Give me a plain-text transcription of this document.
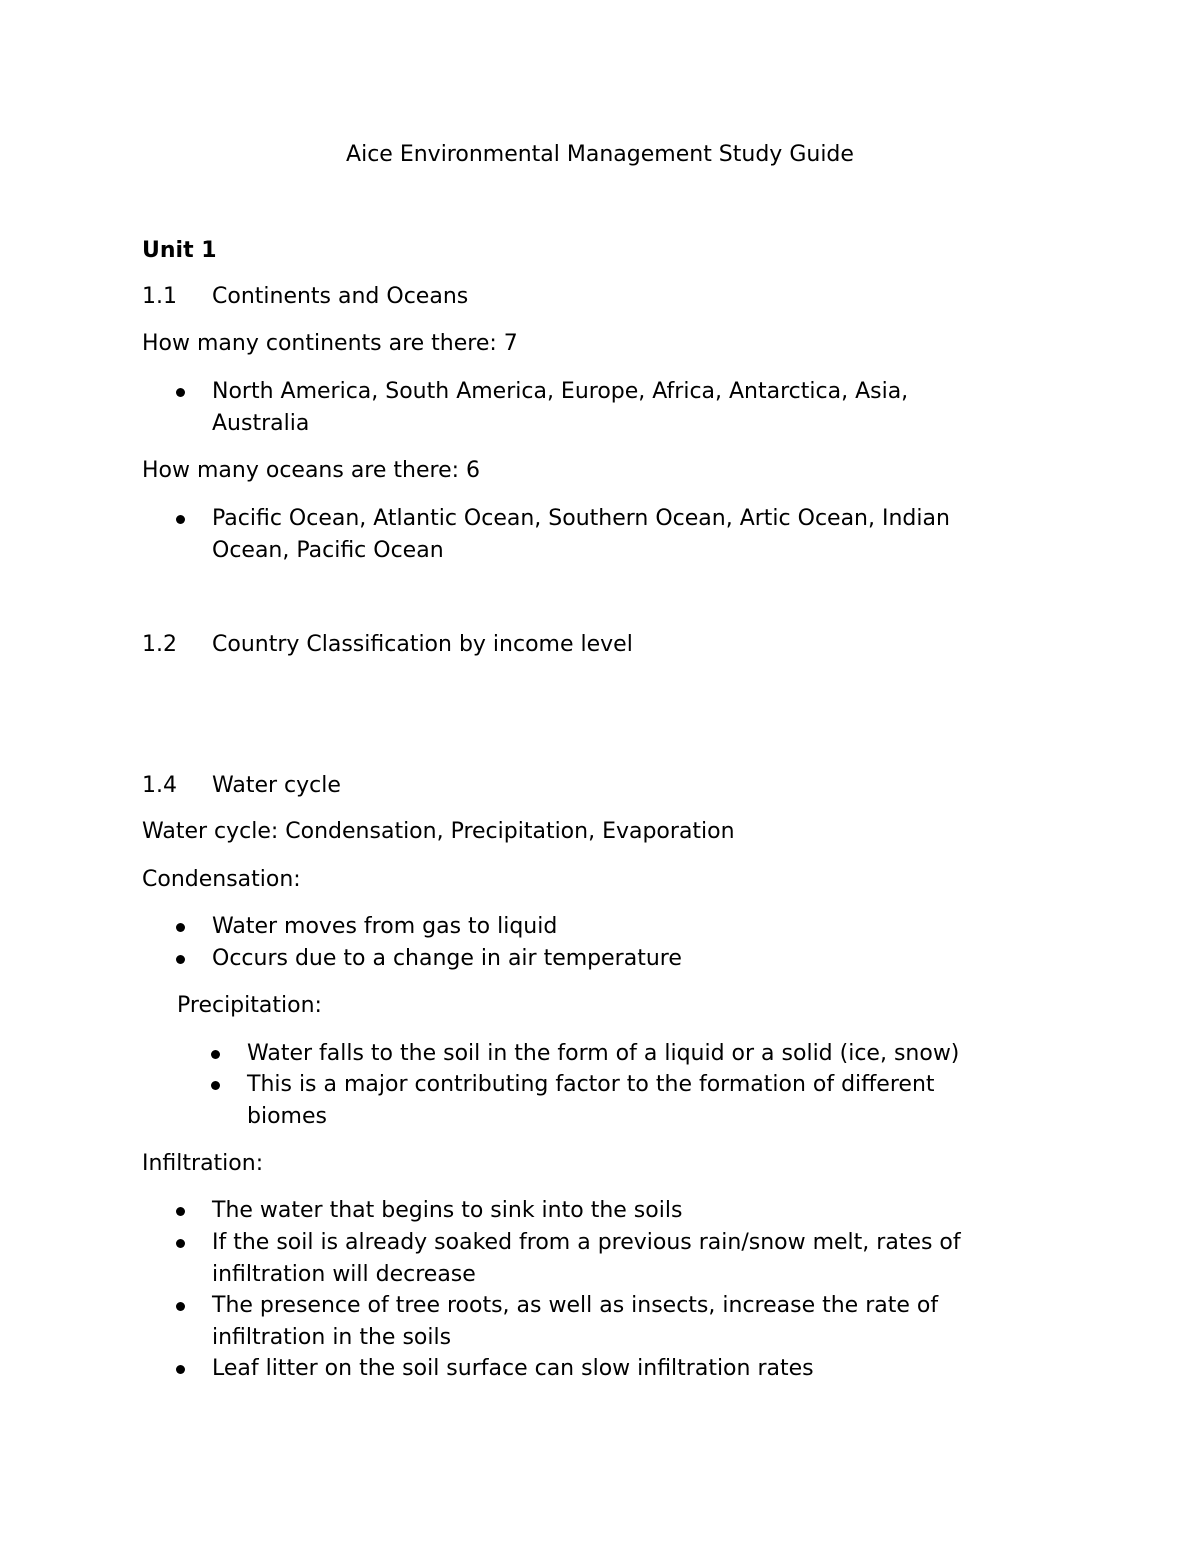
Aice Environmental Management Study Guide
Unit 1
1.1 Continents and Oceans
How many continents are there: 7
North America, South America, Europe, Africa, Antarctica, Asia,
Australia
How many oceans are there: 6
Pacific Ocean, Atlantic Ocean, Southern Ocean, Artic Ocean, Indian
Ocean, Pacific Ocean
1.2 Country Classification by income level
1.4 Water cycle
Water cycle: Condensation, Precipitation, Evaporation
Condensation:
Water moves from gas to liquid
Occurs due to a change in air temperature
Precipitation:
Water falls to the soil in the form of a liquid or a solid (ice, snow)
This is a major contributing factor to the formation of different
biomes
Infiltration:
The water that begins to sink into the soils
If the soil is already soaked from a previous rain/snow melt, rates of
infiltration will decrease
The presence of tree roots, as well as insects, increase the rate of
infiltration in the soils
Leaf litter on the soil surface can slow infiltration rates
